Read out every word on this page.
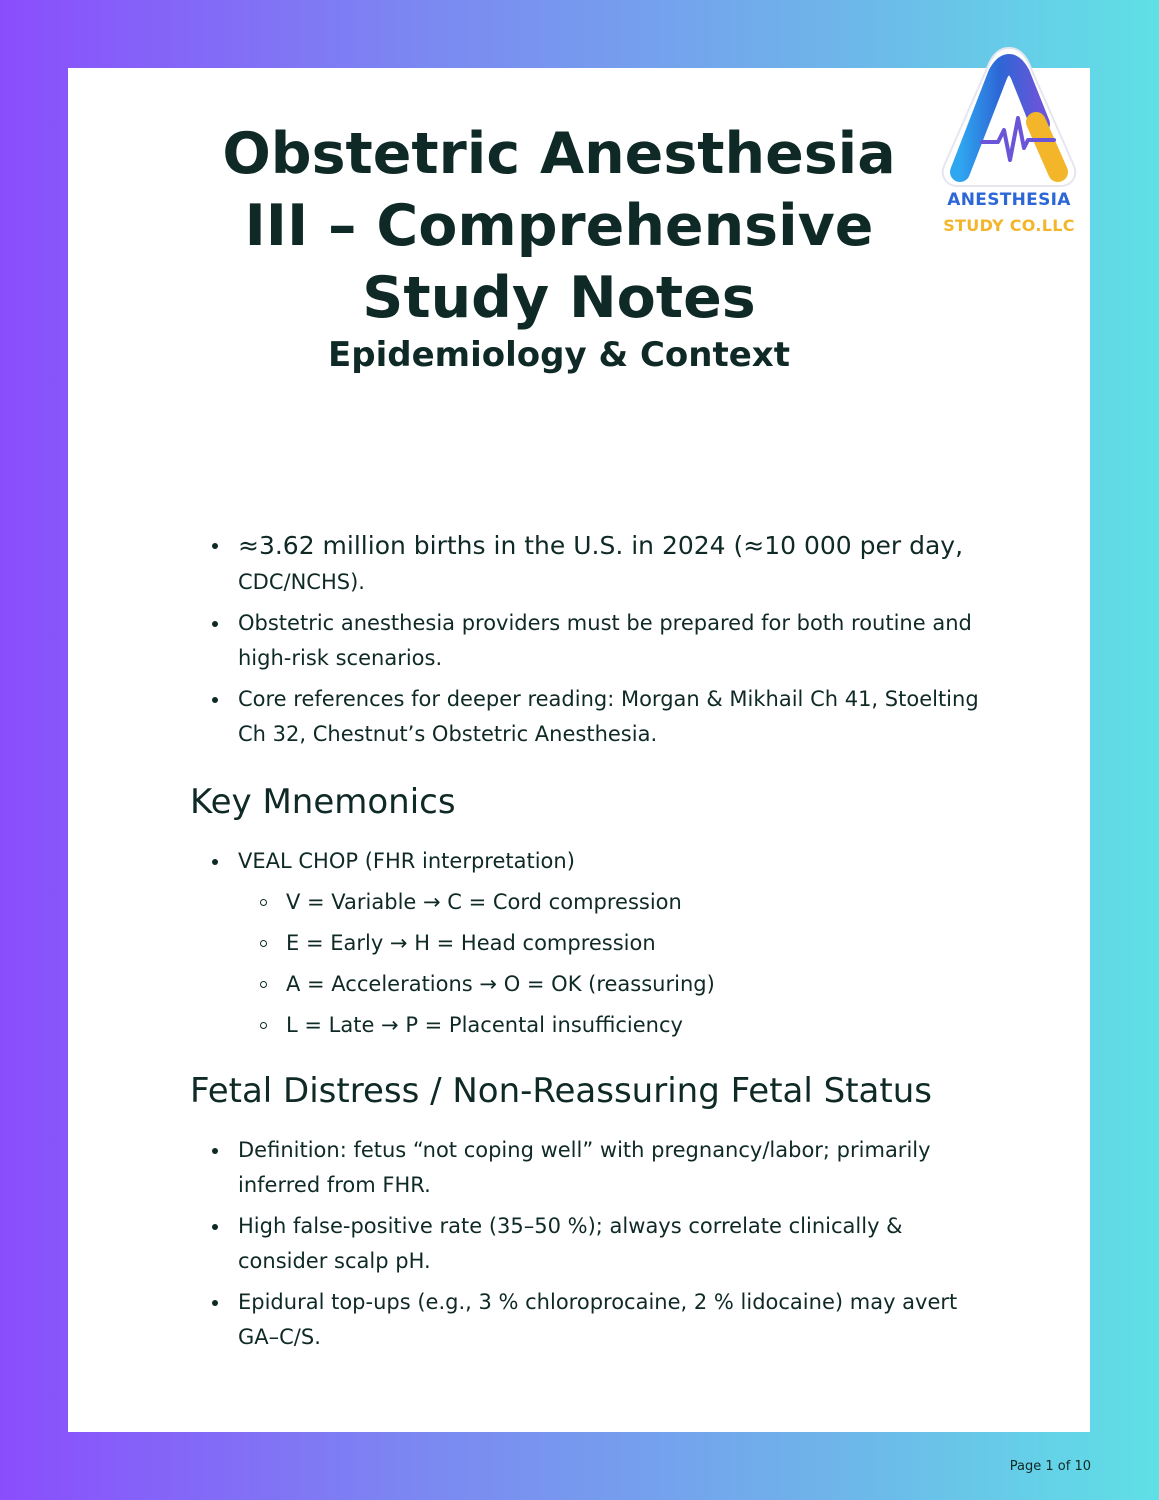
ANESTHESIA
STUDY CO.LLC
Obstetric Anesthesia III – Comprehensive Study Notes
Epidemiology & Context
≈3.62 million births in the U.S. in 2024 (≈10 000 per day,
CDC/NCHS).
Obstetric anesthesia providers must be prepared for both routine and high-risk scenarios.
Core references for deeper reading: Morgan & Mikhail Ch 41, Stoelting Ch 32, Chestnut’s Obstetric Anesthesia.
Key Mnemonics
VEAL CHOP (FHR interpretation)
V = Variable → C = Cord compression
E = Early → H = Head compression
A = Accelerations → O = OK (reassuring)
L = Late → P = Placental insufficiency
Fetal Distress / Non-Reassuring Fetal Status
Definition: fetus “not coping well” with pregnancy/labor; primarily inferred from FHR.
High false-positive rate (35–50 %); always correlate clinically & consider scalp pH.
Epidural top-ups (e.g., 3 % chloroprocaine, 2 % lidocaine) may avert GA–C/S.
Page 1 of 10
